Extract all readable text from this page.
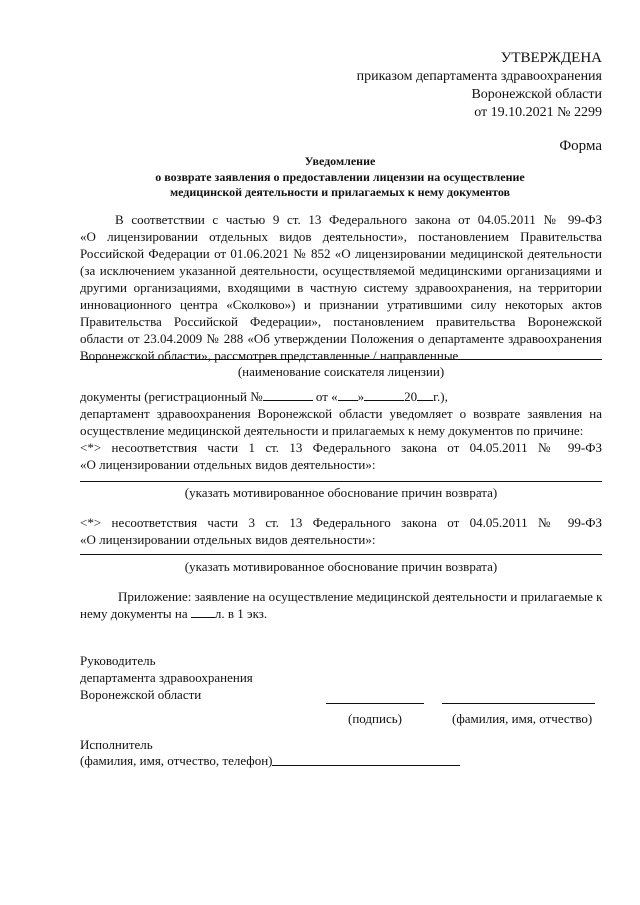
УТВЕРЖДЕНА
приказом департамента здравоохранения
Воронежской области
от 19.10.2021 № 2299
Форма
Уведомление
о возврате заявления о предоставлении лицензии на осуществление
медицинской деятельности и прилагаемых к нему документов
В соответствии с частью 9 ст. 13 Федерального закона от 04.05.2011 № 99-ФЗ
«О лицензировании отдельных видов деятельности», постановлением Правительства
Российской Федерации от 01.06.2021 № 852 «О лицензировании медицинской деятельности
(за исключением указанной деятельности, осуществляемой медицинскими организациями и
другими организациями, входящими в частную систему здравоохранения, на территории
инновационного центра «Сколково») и признании утратившими силу некоторых актов
Правительства Российской Федерации», постановлением правительства Воронежской
области от 23.04.2009 № 288 «Об утверждении Положения о департаменте здравоохранения
Воронежской области», рассмотрев представленные / направленные
(наименование соискателя лицензии)
документы (регистрационный №	от « »	20 г.),
департамент здравоохранения Воронежской области уведомляет о возврате заявления на
осуществление медицинской деятельности и прилагаемых к нему документов по причине:
<*> несоответствия части 1 ст. 13 Федерального закона от 04.05.2011 № 99-ФЗ
«О лицензировании отдельных видов деятельности»:
(указать мотивированное обоснование причин возврата)
<*> несоответствия части 3 ст. 13 Федерального закона от 04.05.2011 № 99-ФЗ
«О лицензировании отдельных видов деятельности»:
(указать мотивированное обоснование причин возврата)
Приложение: заявление на осуществление медицинской деятельности и прилагаемые к
нему документы на л. в 1 экз.
Руководитель
департамента здравоохранения
Воронежской области
(подпись)	(фамилия, имя, отчество)
Исполнитель
(фамилия, имя, отчество, телефон)
